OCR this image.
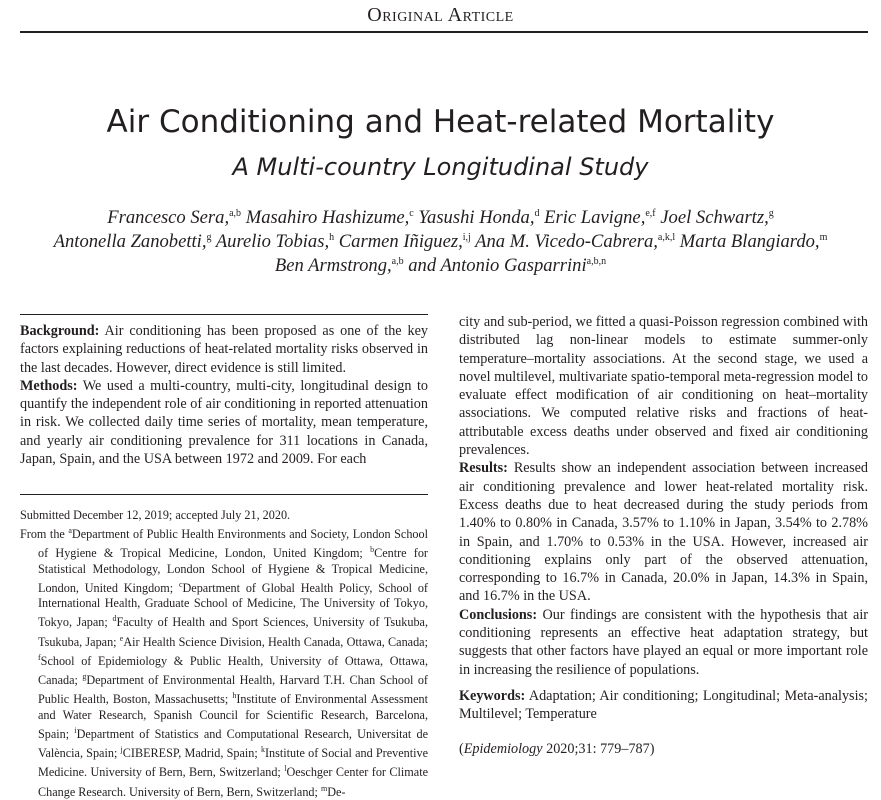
Original Article
Air Conditioning and Heat-related Mortality
A Multi-country Longitudinal Study
Francesco Sera,$^{a,b}$ Masahiro Hashizume,$^c$ Yasushi Honda,$^d$ Eric Lavigne,$^{e,f}$ Joel Schwartz,$^g$
Antonella Zanobetti,$^g$ Aurelio Tobias,$^h$ Carmen Iñiguez,$^{i,j}$ Ana M. Vicedo-Cabrera,$^{a,k,l}$ Marta Blangiardo,$^m$
Ben Armstrong,$^{a,b}$ and Antonio Gasparrini$^{a,b,n}$

Background: Air conditioning has been proposed as one of the key factors explaining reductions of heat-related mortality risks observed in the last decades. However, direct evidence is still limited.

Methods: We used a multi-country, multi-city, longitudinal design to quantify the independent role of air conditioning in reported attenuation in risk. We collected daily time series of mortality, mean temperature, and yearly air conditioning prevalence for 311 locations in Canada, Japan, Spain, and the USA between 1972 and 2009. For each

Submitted December 12, 2019; accepted July 21, 2020.

From the $^a$Department of Public Health Environments and Society, London School of Hygiene & Tropical Medicine, London, United Kingdom; $^b$Centre for Statistical Methodology, London School of Hygiene & Tropical Medicine, London, United Kingdom; $^c$Department of Global Health Policy, School of International Health, Graduate School of Medicine, The University of Tokyo, Tokyo, Japan; $^d$Faculty of Health and Sport Sciences, University of Tsukuba, Tsukuba, Japan; $^e$Air Health Science Division, Health Canada, Ottawa, Canada; $^f$School of Epidemiology & Public Health, University of Ottawa, Ottawa, Canada; $^g$Department of Environmental Health, Harvard T.H. Chan School of Public Health, Boston, Massachusetts; $^h$Institute of Environmental Assessment and Water Research, Spanish Council for Scientific Research, Barcelona, Spain; $^i$Department of Statistics and Computational Research, Universitat de València, Spain; $^j$CIBERESP, Madrid, Spain; $^k$Institute of Social and Preventive Medicine. University of Bern, Bern, Switzerland; $^l$Oeschger Center for Climate Change Research. University of Bern, Bern, Switzerland; $^m$De-

city and sub-period, we fitted a quasi-Poisson regression combined with distributed lag non-linear models to estimate summer-only temperature–mortality associations. At the second stage, we used a novel multilevel, multivariate spatio-temporal meta-regression model to evaluate effect modification of air conditioning on heat–mortality associations. We computed relative risks and fractions of heat-attributable excess deaths under observed and fixed air conditioning prevalences.

Results: Results show an independent association between increased air conditioning prevalence and lower heat-related mortality risk. Excess deaths due to heat decreased during the study periods from 1.40% to 0.80% in Canada, 3.57% to 1.10% in Japan, 3.54% to 2.78% in Spain, and 1.70% to 0.53% in the USA. However, increased air conditioning explains only part of the observed attenuation, corresponding to 16.7% in Canada, 20.0% in Japan, 14.3% in Spain, and 16.7% in the USA.

Conclusions: Our findings are consistent with the hypothesis that air conditioning represents an effective heat adaptation strategy, but suggests that other factors have played an equal or more important role in increasing the resilience of populations.

Keywords: Adaptation; Air conditioning; Longitudinal; Meta-analysis; Multilevel; Temperature

(Epidemiology 2020;31: 779–787)
